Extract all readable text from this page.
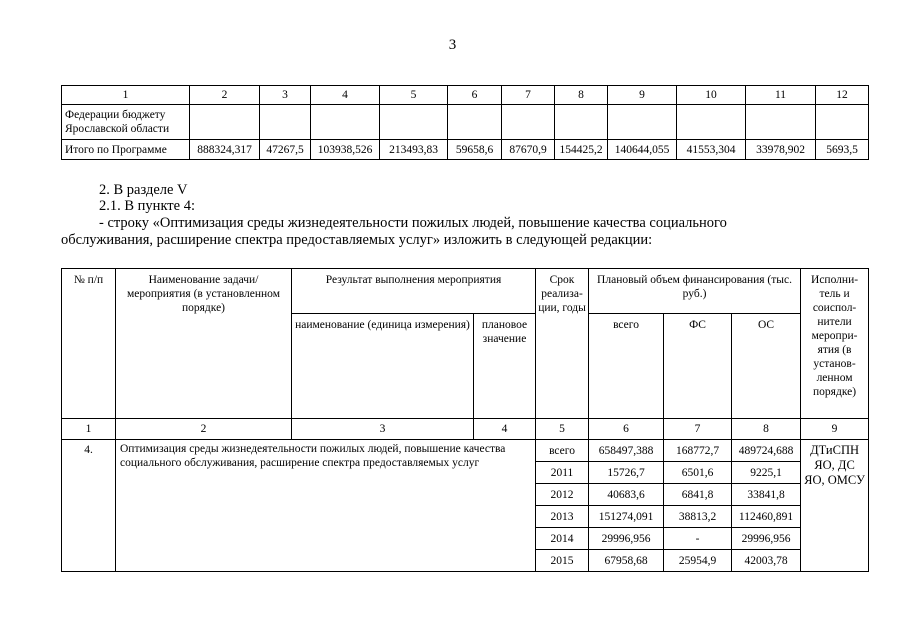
3
1	2	3	4	5	6	7	8	9	10	11	12
Федерации бюджету Ярославской области											
Итого по Программе	888324,317	47267,5	103938,526	213493,83	59658,6	87670,9	154425,2	140644,055	41553,304	33978,902	5693,5
2. В разделе V
2.1. В пункте 4:
- строку «Оптимизация среды жизнедеятельности пожилых людей, повышение качества социального
обслуживания, расширение спектра предоставляемых услуг» изложить в следующей редакции:
№ п/п	Наименование задачи/мероприятия (в установленном порядке)	Результат выполнения мероприятия		Срок реализа-ции, годы	Плановый объем финансирования (тыс. руб.)			Исполни-тель и соиспол-нители меропри-ятия (в установ-ленном порядке)
		наименование (единица измерения)	плановое значение		всего	ФС	ОС	
1	2	3	4	5	6	7	8	9
4.	Оптимизация среды жизнедеятельности пожилых людей, повышение качества социального обслуживания, расширение спектра предоставляемых услуг			всего	658497,388	168772,7	489724,688	ДТиСПН ЯО, ДС ЯО, ОМСУ
				2011	15726,7	6501,6	9225,1	
				2012	40683,6	6841,8	33841,8	
				2013	151274,091	38813,2	112460,891	
				2014	29996,956	-	29996,956	
				2015	67958,68	25954,9	42003,78	
